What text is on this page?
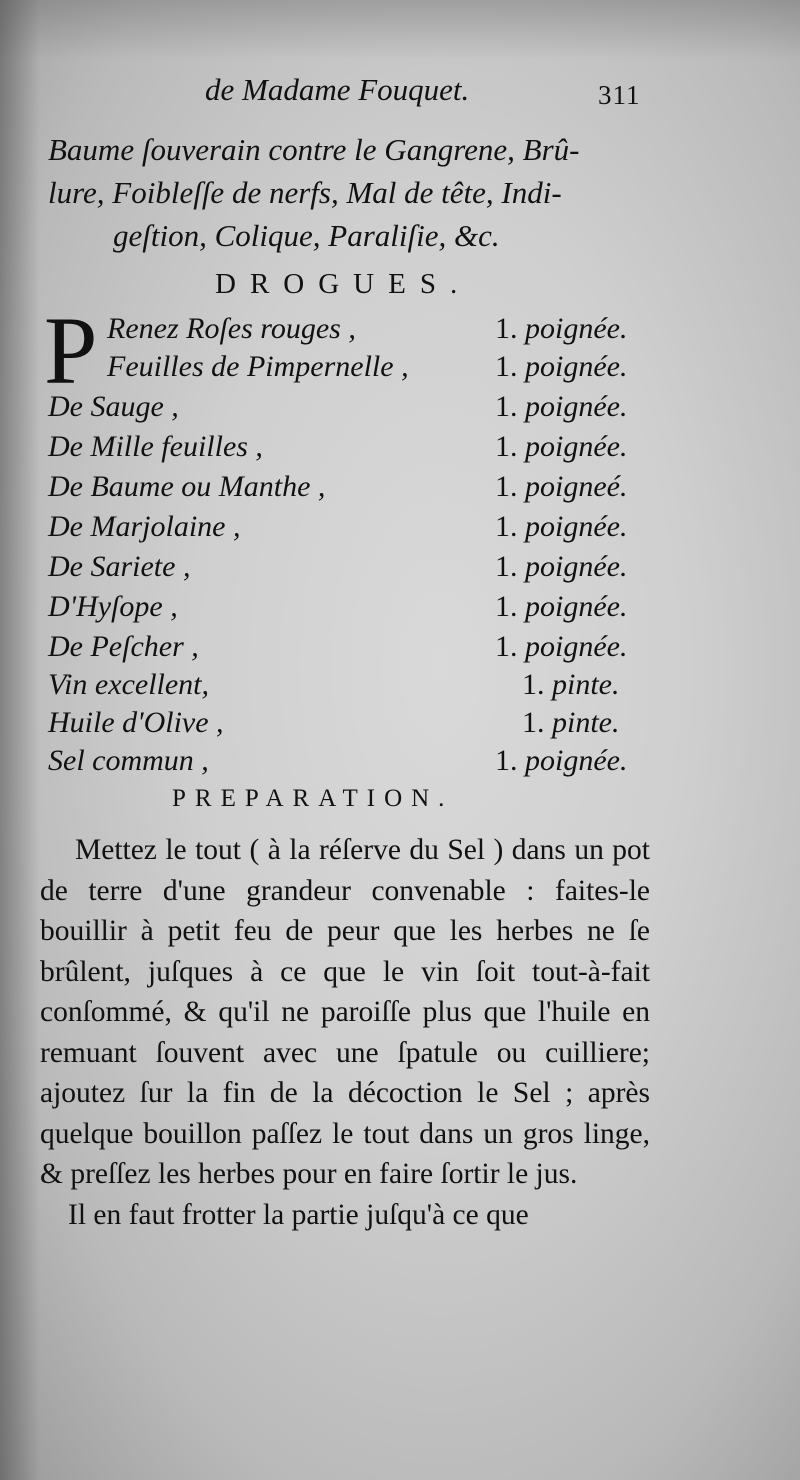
de Madame Fouquet.	311
Baume ſouverain contre le Gangrene, Brû-
lure, Foibleſſe de nerfs, Mal de tête, Indi-

geſtion, Colique, Paraliſie, &c.
DROGUES.
P Renez Roſes rouges ,	1. poignée.
Feuilles de Pimpernelle ,	1. poignée.
De Sauge ,	1. poignée.
De Mille feuilles ,	1. poignée.
De Baume ou Manthe ,	1. poigneé.
De Marjolaine ,	1. poignée.
De Sariete ,	1. poignée.
D'Hyſope ,	1. poignée.
De Peſcher ,	1. poignée.
Vin excellent,	1. pinte.
Huile d'Olive ,	1. pinte.
Sel commun ,	1. poignée.
PREPARATION.

Mettez le tout ( à la réſerve du Sel ) dans un pot de terre d'une grandeur convenable : faites-le bouillir à petit feu de peur que les herbes ne ſe brûlent, juſques à ce que le vin ſoit tout-à-fait conſommé, & qu'il ne paroiſſe plus que l'huile en remuant ſouvent avec une ſpatule ou cuilliere; ajoutez ſur la fin de la décoction le Sel ; après quelque bouillon paſſez le tout dans un gros linge, & preſſez les herbes pour en faire ſortir le jus.

Il en faut frotter la partie juſqu'à ce que
